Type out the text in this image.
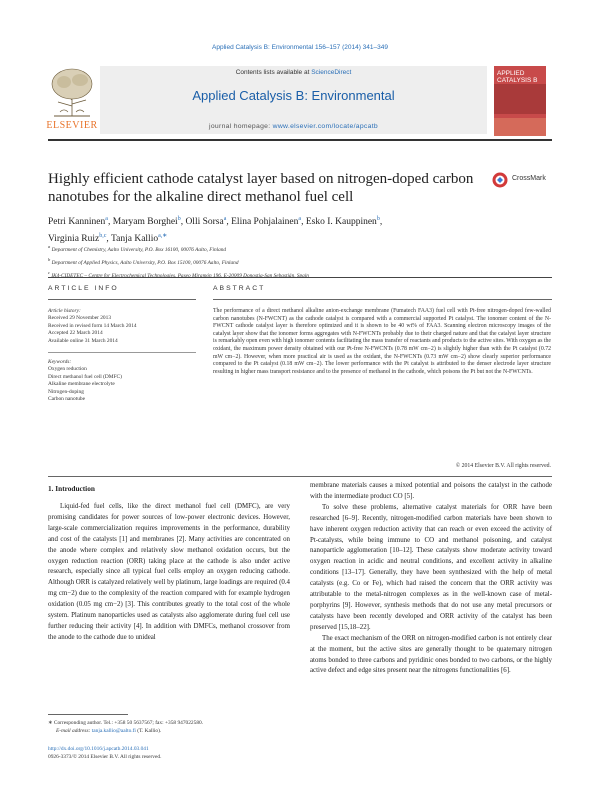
Applied Catalysis B: Environmental 156–157 (2014) 341–349
ELSEVIER
Contents lists available at ScienceDirect
Applied Catalysis B: Environmental
journal homepage: www.elsevier.com/locate/apcatb
APPLIED CATALYSIS B
Highly efficient cathode catalyst layer based on nitrogen-doped carbon nanotubes for the alkaline direct methanol fuel cell
CrossMark
Petri Kanninen$^a$, Maryam Borghei$^b$, Olli Sorsa$^a$, Elina Pohjalainen$^a$, Esko I. Kauppinen$^b$,
Virginia Ruiz$^{b,c}$, Tanja Kallio$^{a,∗}$
$^a$ Department of Chemistry, Aalto University, P.O. Box 16100, 00076 Aalto, Finland
$^b$ Department of Applied Physics, Aalto University, P.O. Box 15100, 00076 Aalto, Finland
$^c$ IK4-CIDETEC – Centre for Electrochemical Technologies, Paseo Miramón 196, E-20009 Donostia-San Sebastián, Spain
ARTICLE INFO	ABSTRACT
Article history:
Received 29 November 2013
Received in revised form 14 March 2014
Accepted 22 March 2014
Available online 31 March 2014
Keywords:
Oxygen reduction
Direct methanol fuel cell (DMFC)
Alkaline membrane electrolyte
Nitrogen-doping
Carbon nanotube
The performance of a direct methanol alkaline anion-exchange membrane (Fumatech FAA3) fuel cell with Pt-free nitrogen-doped few-walled carbon nanotubes (N-FWCNT) as the cathode catalyst is compared with a commercial supported Pt catalyst. The ionomer content of the N-FWCNT cathode catalyst layer is therefore optimized and it is shown to be 40 wt% of FAA3. Scanning electron microscopy images of the catalyst layer show that the ionomer forms aggregates with N-FWCNTs probably due to their charged nature and that the catalyst layer structure is remarkably open even with high ionomer contents facilitating the mass transfer of reactants and products to the active sites. With oxygen as the oxidant, the maximum power density obtained with our Pt-free N-FWCNTs (0.78 mW cm−2) is slightly higher than with the Pt catalyst (0.72 mW cm−2). However, when more practical air is used as the oxidant, the N-FWCNTs (0.73 mW cm−2) show clearly superior performance compared to the Pt catalyst (0.18 mW cm−2). The lower performance with the Pt catalyst is attributed to the denser electrode layer structure resulting in higher mass transport resistance and to the presence of methanol in the cathode, which poisons the Pt but not the N-FWCNTs.
© 2014 Elsevier B.V. All rights reserved.
1. Introduction
Liquid-fed fuel cells, like the direct methanol fuel cell (DMFC), are very promising candidates for power sources of low-power electronic devices. However, large-scale commercialization requires improvements in the performance, durability and cost of the catalysts [1] and membranes [2]. Many activities are concentrated on the anode where complex and relatively slow methanol oxidation occurs, but the oxygen reduction reaction (ORR) taking place at the cathode is also under active research, especially since all typical fuel cells employ an oxygen reducing cathode. Although ORR is catalyzed relatively well by platinum, large loadings are required (0.4 mg cm−2) due to the complexity of the reaction compared with for example hydrogen oxidation (0.05 mg cm−2) [3]. This contributes greatly to the total cost of the whole system. Platinum nanoparticles used as catalysts also agglomerate during fuel cell use further reducing their activity [4]. In addition with DMFCs, methanol crossover from the anode to the cathode due to unideal
membrane materials causes a mixed potential and poisons the catalyst in the cathode with the intermediate product CO [5].
To solve these problems, alternative catalyst materials for ORR have been researched [6–9]. Recently, nitrogen-modified carbon materials have been shown to have inherent oxygen reduction activity that can reach or even exceed the activity of Pt-catalysts, while being immune to CO and methanol poisoning, and catalyst nanoparticle agglomeration [10–12]. These catalysts show moderate activity toward oxygen reaction in acidic and neutral conditions, and excellent activity in alkaline conditions [13–17]. Generally, they have been synthesized with the help of metal catalysts (e.g. Co or Fe), which had raised the concern that the ORR activity was attributable to the metal-nitrogen complexes as in the well-known case of metal-porphyrins [9]. However, synthesis methods that do not use any metal precursors or catalysts have been recently developed and ORR activity of the catalyst has been preserved [15,18–22].
The exact mechanism of the ORR on nitrogen-modified carbon is not entirely clear at the moment, but the active sites are generally thought to be quaternary nitrogen atoms bonded to three carbons and pyridinic ones bonded to two carbons, or the highly active defect and edge sites present near the nitrogens functionalities [6].
∗ Corresponding author. Tel.: +358 50 5637567; fax: +358 947022580.
E-mail address: tanja.kallio@aalto.fi (T. Kallio).
http://dx.doi.org/10.1016/j.apcatb.2014.03.041
0926-3373/© 2014 Elsevier B.V. All rights reserved.
